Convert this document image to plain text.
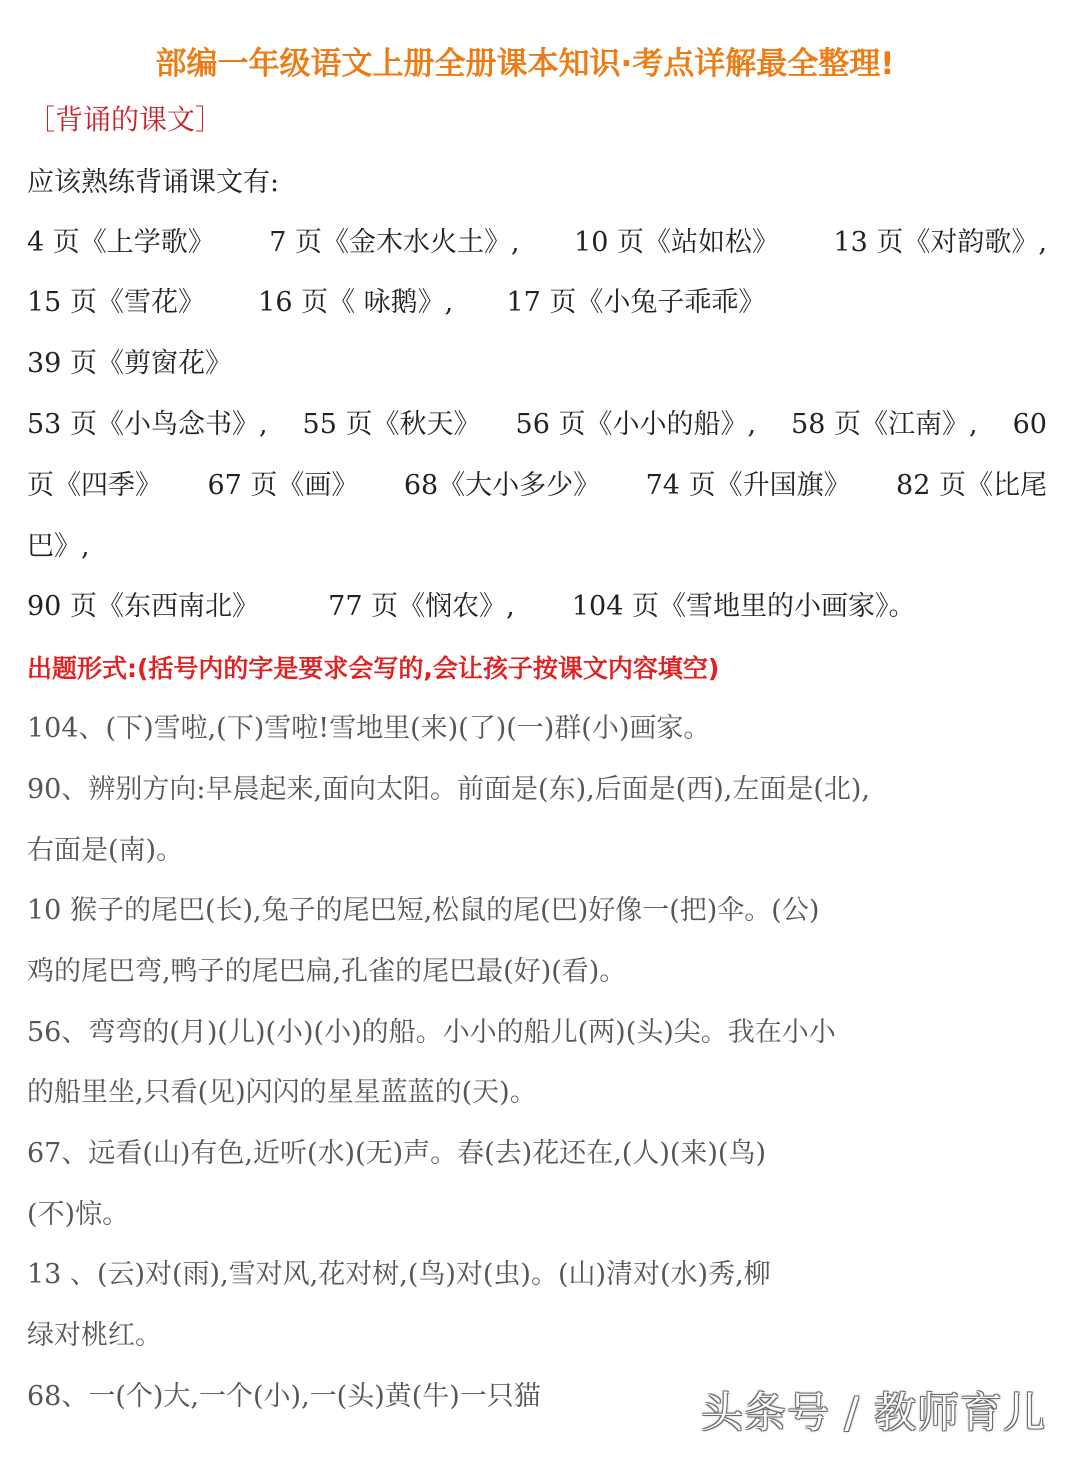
部编一年级语文上册全册课本知识·考点详解最全整理!
［背诵的课文］
应该熟练背诵课文有:
4 页《上学歌》 7 页《金木水火土》, 10 页《站如松》 13 页《对韵歌》,
15 页《雪花》 16 页《 咏鹅》, 17 页《小兔子乖乖》
39 页《剪窗花》
53 页《小鸟念书》, 55 页《秋天》 56 页《小小的船》, 58 页《江南》, 60
页《四季》 67 页《画》 68《大小多少》 74 页《升国旗》 82 页《比尾
巴》,
90 页《东西南北》	77 页《悯农》, 104 页《雪地里的小画家》。
出题形式:(括号内的字是要求会写的,会让孩子按课文内容填空)
104、(下)雪啦,(下)雪啦!雪地里(来)(了)(一)群(小)画家。
90、辨别方向:早晨起来,面向太阳。前面是(东),后面是(西),左面是(北),
右面是(南)。
10 猴子的尾巴(长),兔子的尾巴短,松鼠的尾(巴)好像一(把)伞。(公)
鸡的尾巴弯,鸭子的尾巴扁,孔雀的尾巴最(好)(看)。
56、弯弯的(月)(儿)(小)(小)的船。小小的船儿(两)(头)尖。我在小小
的船里坐,只看(见)闪闪的星星蓝蓝的(天)。
67、远看(山)有色,近听(水)(无)声。春(去)花还在,(人)(来)(鸟)
(不)惊。
13 、(云)对(雨),雪对风,花对树,(鸟)对(虫)。(山)清对(水)秀,柳
绿对桃红。
68、一(个)大,一个(小),一(头)黄(牛)一只猫	头条号 / 教师育儿
